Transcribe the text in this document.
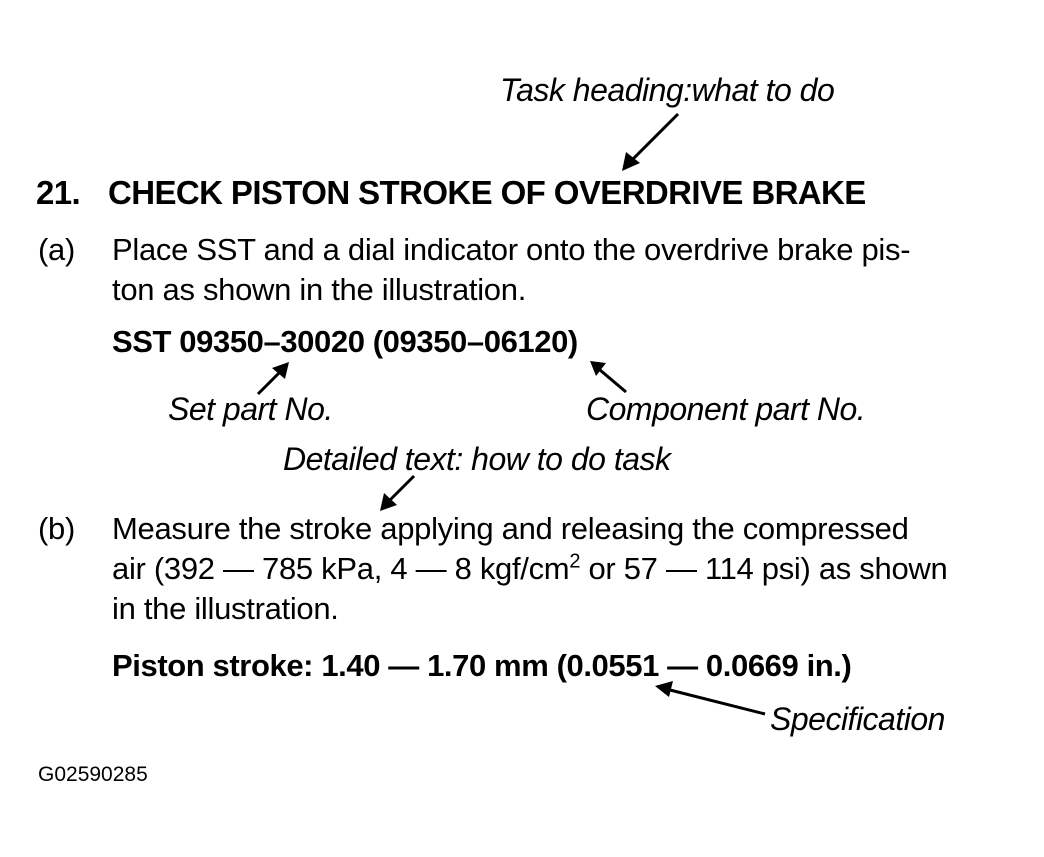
Task heading:what to do

21. CHECK PISTON STROKE OF OVERDRIVE BRAKE

(a) Place SST and a dial indicator onto the overdrive brake pis-

ton as shown in the illustration.

SST 09350–30020 (09350–06120)

Set part No.	Component part No.

Detailed text: how to do task

(b) Measure the stroke applying and releasing the compressed

air (392 — 785 kPa, 4 — 8 kgf/$cm^2$ or 57 — 114 psi) as shown

in the illustration.

Piston stroke: 1.40 — 1.70 mm (0.0551 — 0.0669 in.)

Specification

G02590285
